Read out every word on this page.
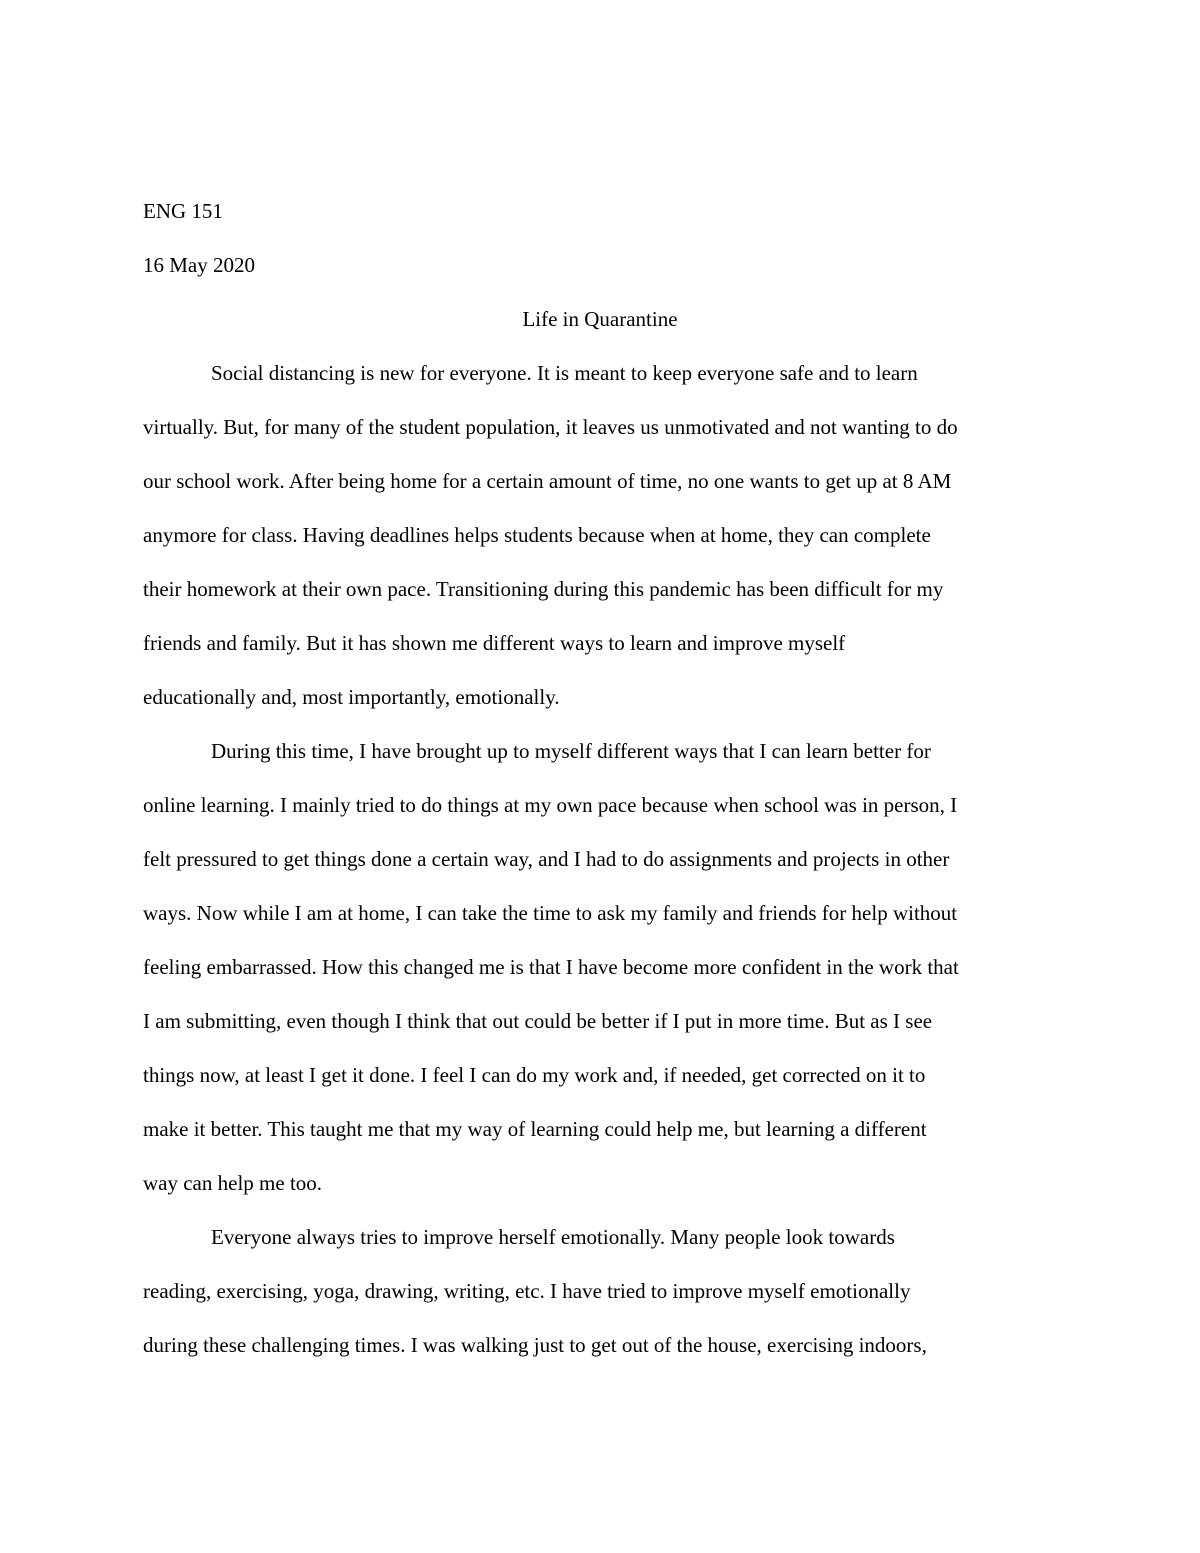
ENG 151
16 May 2020
Life in Quarantine
Social distancing is new for everyone. It is meant to keep everyone safe and to learn
virtually. But, for many of the student population, it leaves us unmotivated and not wanting to do
our school work. After being home for a certain amount of time, no one wants to get up at 8 AM
anymore for class. Having deadlines helps students because when at home, they can complete
their homework at their own pace. Transitioning during this pandemic has been difficult for my
friends and family. But it has shown me different ways to learn and improve myself
educationally and, most importantly, emotionally.
During this time, I have brought up to myself different ways that I can learn better for
online learning. I mainly tried to do things at my own pace because when school was in person, I
felt pressured to get things done a certain way, and I had to do assignments and projects in other
ways. Now while I am at home, I can take the time to ask my family and friends for help without
feeling embarrassed. How this changed me is that I have become more confident in the work that
I am submitting, even though I think that out could be better if I put in more time. But as I see
things now, at least I get it done. I feel I can do my work and, if needed, get corrected on it to
make it better. This taught me that my way of learning could help me, but learning a different
way can help me too.
Everyone always tries to improve herself emotionally. Many people look towards
reading, exercising, yoga, drawing, writing, etc. I have tried to improve myself emotionally
during these challenging times. I was walking just to get out of the house, exercising indoors,
